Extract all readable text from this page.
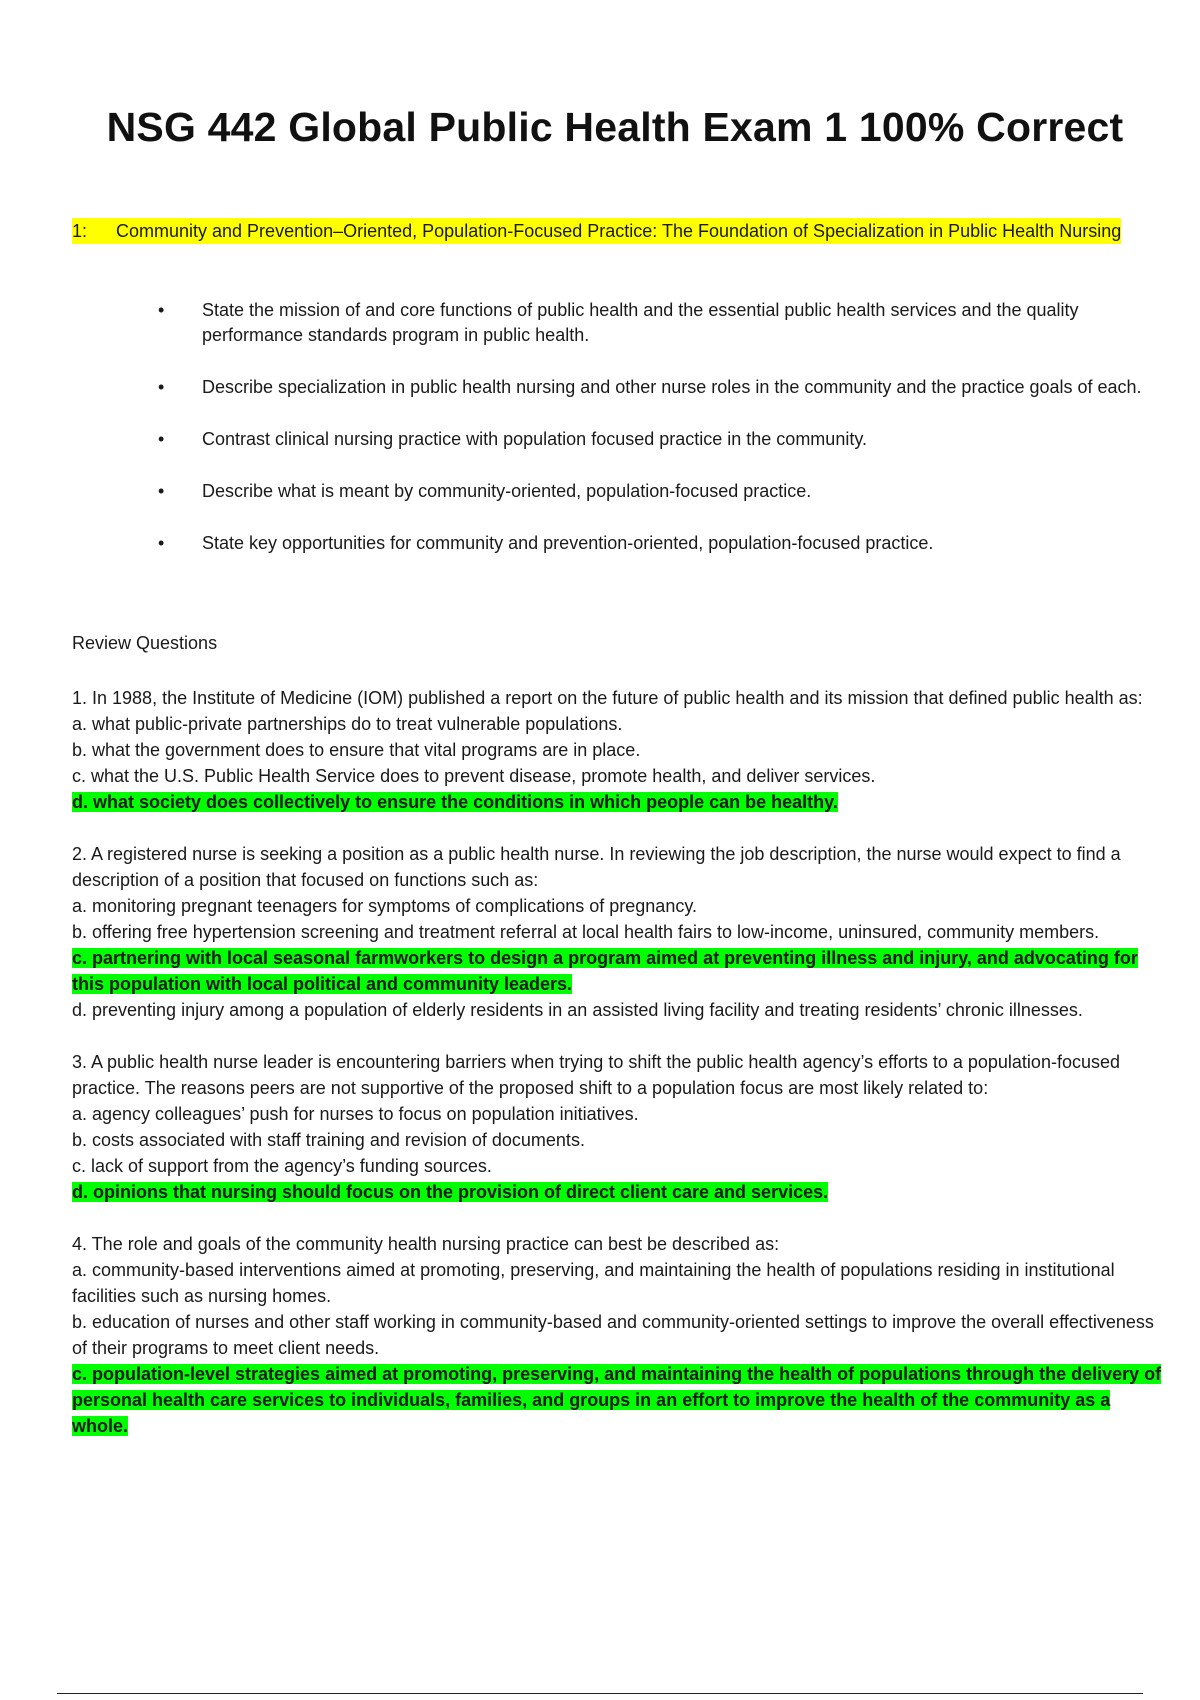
NSG 442 Global Public Health Exam 1 100% Correct
1:	Community and Prevention–Oriented, Population-Focused Practice: The Foundation of Specialization in Public Health Nursing
• State the mission of and core functions of public health and the essential public health services and the quality performance standards program in public health.
• Describe specialization in public health nursing and other nurse roles in the community and the practice goals of each.
• Contrast clinical nursing practice with population focused practice in the community.
• Describe what is meant by community-oriented, population-focused practice.
• State key opportunities for community and prevention-oriented, population-focused practice.
Review Questions
1. In 1988, the Institute of Medicine (IOM) published a report on the future of public health and its mission that defined public health as:
a. what public-private partnerships do to treat vulnerable populations.
b. what the government does to ensure that vital programs are in place.
c. what the U.S. Public Health Service does to prevent disease, promote health, and deliver services.
d. what society does collectively to ensure the conditions in which people can be healthy.
2. A registered nurse is seeking a position as a public health nurse. In reviewing the job description, the nurse would expect to find a description of a position that focused on functions such as:
a. monitoring pregnant teenagers for symptoms of complications of pregnancy.
b. offering free hypertension screening and treatment referral at local health fairs to low-income, uninsured, community members.
c. partnering with local seasonal farmworkers to design a program aimed at preventing illness and injury, and advocating for this population with local political and community leaders.
d. preventing injury among a population of elderly residents in an assisted living facility and treating residents’ chronic illnesses.
3. A public health nurse leader is encountering barriers when trying to shift the public health agency’s efforts to a population-focused practice. The reasons peers are not supportive of the proposed shift to a population focus are most likely related to:
a. agency colleagues’ push for nurses to focus on population initiatives.
b. costs associated with staff training and revision of documents.
c. lack of support from the agency’s funding sources.
d. opinions that nursing should focus on the provision of direct client care and services.
4. The role and goals of the community health nursing practice can best be described as:
a. community-based interventions aimed at promoting, preserving, and maintaining the health of populations residing in institutional facilities such as nursing homes.
b. education of nurses and other staff working in community-based and community-oriented settings to improve the overall effectiveness of their programs to meet client needs.
c. population-level strategies aimed at promoting, preserving, and maintaining the health of populations through the delivery of personal health care services to individuals, families, and groups in an effort to improve the health of the community as a whole.
